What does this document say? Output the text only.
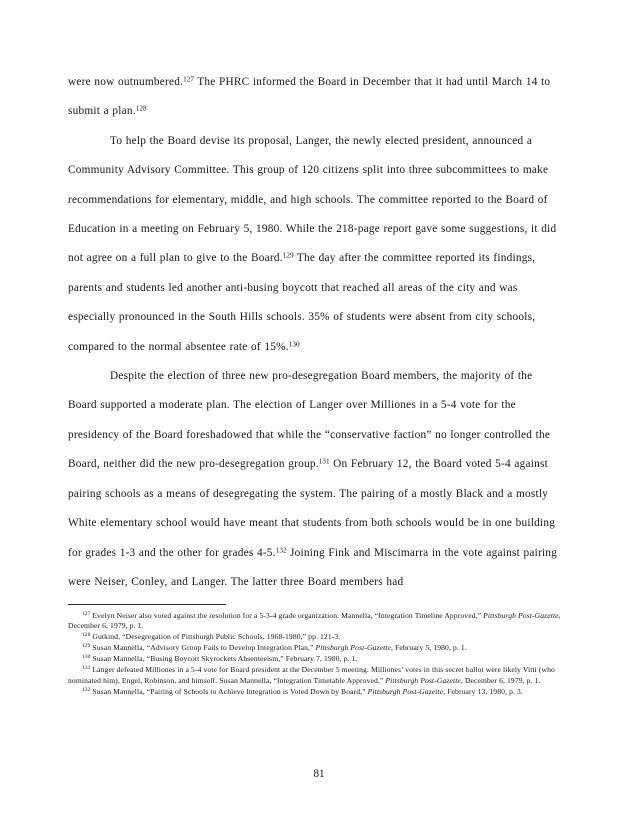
were now outnumbered.$^{127}$ The PHRC informed the Board in December that it had until March 14 to submit a plan.$^{128}$

To help the Board devise its proposal, Langer, the newly elected president, announced a Community Advisory Committee. This group of 120 citizens split into three subcommittees to make recommendations for elementary, middle, and high schools. The committee reported to the Board of Education in a meeting on February 5, 1980. While the 218-page report gave some suggestions, it did not agree on a full plan to give to the Board.$^{129}$ The day after the committee reported its findings, parents and students led another anti-busing boycott that reached all areas of the city and was especially pronounced in the South Hills schools. 35% of students were absent from city schools, compared to the normal absentee rate of 15%.$^{130}$

Despite the election of three new pro-desegregation Board members, the majority of the Board supported a moderate plan. The election of Langer over Milliones in a 5-4 vote for the presidency of the Board foreshadowed that while the “conservative faction” no longer controlled the Board, neither did the new pro-desegregation group.$^{131}$ On February 12, the Board voted 5-4 against pairing schools as a means of desegregating the system. The pairing of a mostly Black and a mostly White elementary school would have meant that students from both schools would be in one building for grades 1-3 and the other for grades 4-5.$^{132}$ Joining Fink and Miscimarra in the vote against pairing were Neiser, Conley, and Langer. The latter three Board members had

$^{127}$ Evelyn Neiser also voted against the resolution for a 5-3-4 grade organization. Mannella, “Integration Timeline Approved,” Pittsburgh Post-Gazette, December 6, 1979, p. 1.

$^{128}$ Gutkind, “Desegregation of Pittsburgh Public Schools, 1968-1980,” pp. 121-3.

$^{129}$ Susan Mannella, “Advisory Group Fails to Develop Integration Plan,” Pittsburgh Post-Gazette, February 5, 1980, p. 1.

$^{130}$ Susan Mannella, “Busing Boycott Skyrockets Absenteeism,” February 7, 1980, p. 1.

$^{131}$ Langer defeated Milliones in a 5-4 vote for Board president at the December 5 meeting. Milliones’ votes in this secret ballot were likely Vitti (who nominated him), Engel, Robinson, and himself. Susan Mannella, “Integration Timetable Approved,” Pittsburgh Post-Gazette, December 6, 1979, p. 1.

$^{132}$ Susan Mannella, “Pairing of Schools to Achieve Integration is Voted Down by Board,” Pittsburgh Post-Gazette, February 13, 1980, p. 3.

81
